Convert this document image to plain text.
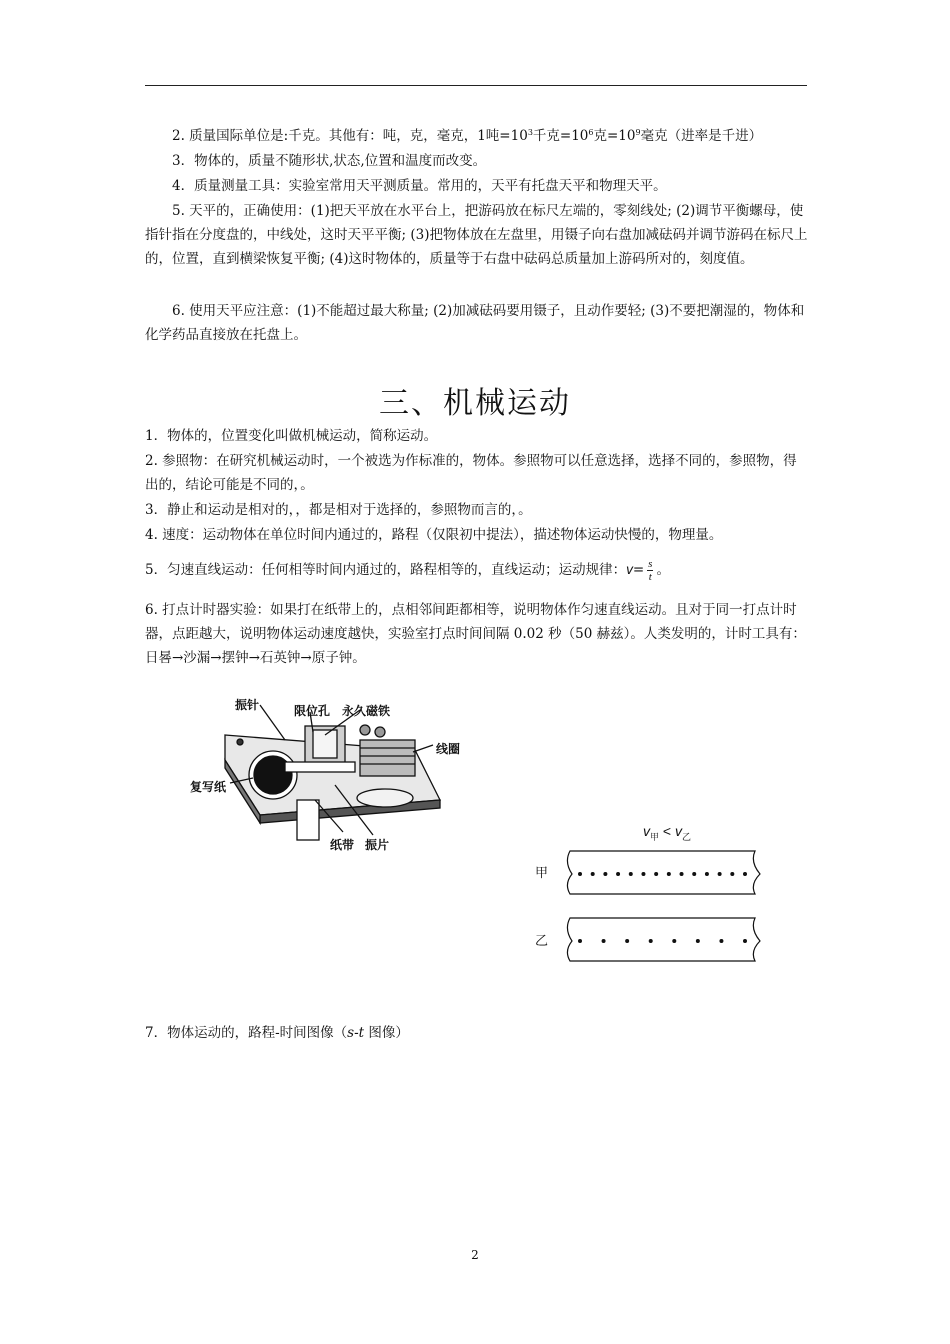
2. 质量国际单位是:千克。其他有：吨，克，毫克，1吨$=10^3$千克$=10^6$克$=10^9$毫克（进率是千进）

3．物体的，质量不随形状,状态,位置和温度而改变。

4．质量测量工具：实验室常用天平测质量。常用的，天平有托盘天平和物理天平。

5. 天平的，正确使用：(1)把天平放在水平台上，把游码放在标尺左端的，零刻线处; (2)调节平衡螺母，使指针指在分度盘的，中线处，这时天平平衡; (3)把物体放在左盘里，用镊子向右盘加减砝码并调节游码在标尺上的，位置，直到横梁恢复平衡; (4)这时物体的，质量等于右盘中砝码总质量加上游码所对的，刻度值。

6. 使用天平应注意：(1)不能超过最大称量; (2)加减砝码要用镊子，且动作要轻; (3)不要把潮湿的，物体和化学药品直接放在托盘上。

三、机械运动

1．物体的，位置变化叫做机械运动，简称运动。

2. 参照物：在研究机械运动时，一个被选为作标准的，物体。参照物可以任意选择，选择不同的，参照物，得出的，结论可能是不同的，。

3．静止和运动是相对的，，都是相对于选择的，参照物而言的，。

4. 速度：运动物体在单位时间内通过的，路程（仅限初中提法），描述物体运动快慢的，物理量。

5．匀速直线运动：任何相等时间内通过的，路程相等的，直线运动；运动规律：$v= \frac{s}{t}$ 。

6. 打点计时器实验：如果打在纸带上的，点相邻间距都相等，说明物体作匀速直线运动。且对于同一打点计时器，点距越大，说明物体运动速度越快，实验室打点时间间隔 0.02 秒（50 赫兹）。人类发明的，计时工具有：日晷→沙漏→摆钟→石英钟→原子钟。

振针	限位孔 永久磁铁
线圈
复写纸
纸带 振片
$v_甲 < v_乙$
甲
乙

7．物体运动的，路程-时间图像（s-t 图像）

2
